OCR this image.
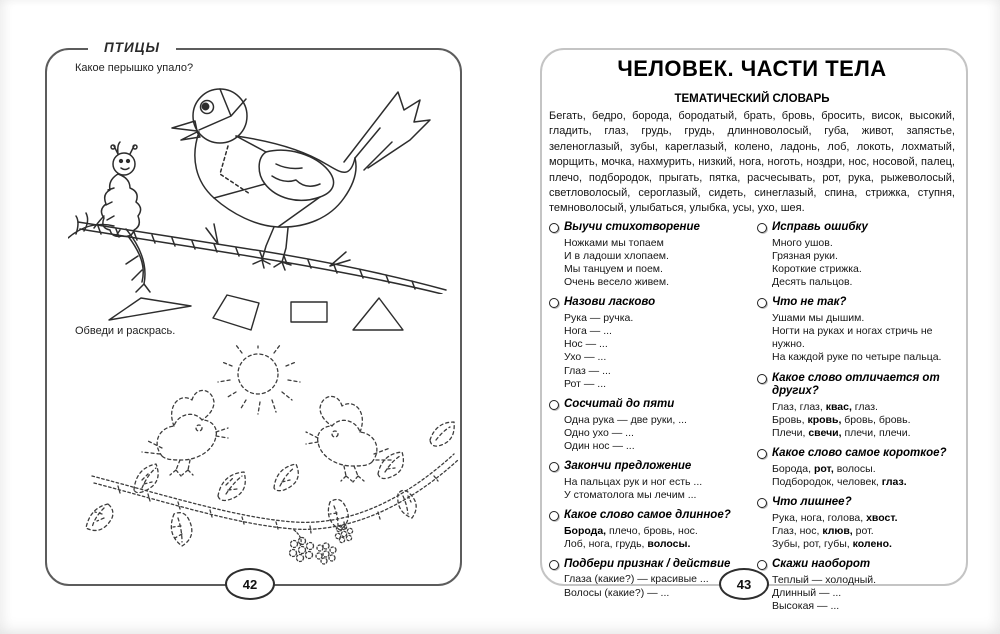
ПТИЦЫ
Какое перышко упало?
Обведи и раскрась.
42
ЧЕЛОВЕК. ЧАСТИ ТЕЛА
ТЕМАТИЧЕСКИЙ СЛОВАРЬ
Бегать, бедро, борода, бородатый, брать, бровь, бросить, висок, высокий, гладить, глаз, грудь, грудь, длинноволосый, губа, живот, запястье, зеленоглазый, зубы, кареглазый, колено, ладонь, лоб, локоть, лохматый, морщить, мочка, нахмурить, низкий, нога, ноготь, ноздри, нос, носовой, палец, плечо, подбородок, прыгать, пятка, расчесывать, рот, рука, рыжеволосый, светловолосый, сероглазый, сидеть, синеглазый, спина, стрижка, ступня, темноволосый, улыбаться, улыбка, усы, ухо, шея.
Выучи стихотворение
Ножками мы топаем
И в ладоши хлопаем.
Мы танцуем и поем.
Очень весело живем.
Назови ласково
Рука — ручка.
Нога — ...
Нос — ...
Ухо — ...
Глаз — ...
Рот — ...
Сосчитай до пяти
Одна рука — две руки, ...
Одно ухо — ...
Один нос — ...
Закончи предложение
На пальцах рук и ног есть ...
У стоматолога мы лечим ...
Какое слово самое длинное?
Борода, плечо, бровь, нос.
Лоб, нога, грудь, волосы.
Подбери признак / действие
Глаза (какие?) — красивые ...
Волосы (какие?) — ...
Исправь ошибку
Много ушов.
Грязная руки.
Короткие стрижка.
Десять пальцов.
Что не так?
Ушами мы дышим.
Ногти на руках и ногах стричь не нужно.
На каждой руке по четыре пальца.
Какое слово отличается от других?
Глаз, глаз, квас, глаз.
Бровь, кровь, бровь, бровь.
Плечи, свечи, плечи, плечи.
Какое слово самое короткое?
Борода, рот, волосы.
Подбородок, человек, глаз.
Что лишнее?
Рука, нога, голова, хвост.
Глаз, нос, клюв, рот.
Зубы, рот, губы, колено.
Скажи наоборот
Теплый — холодный.
Длинный — ...
Высокая — ...
43
